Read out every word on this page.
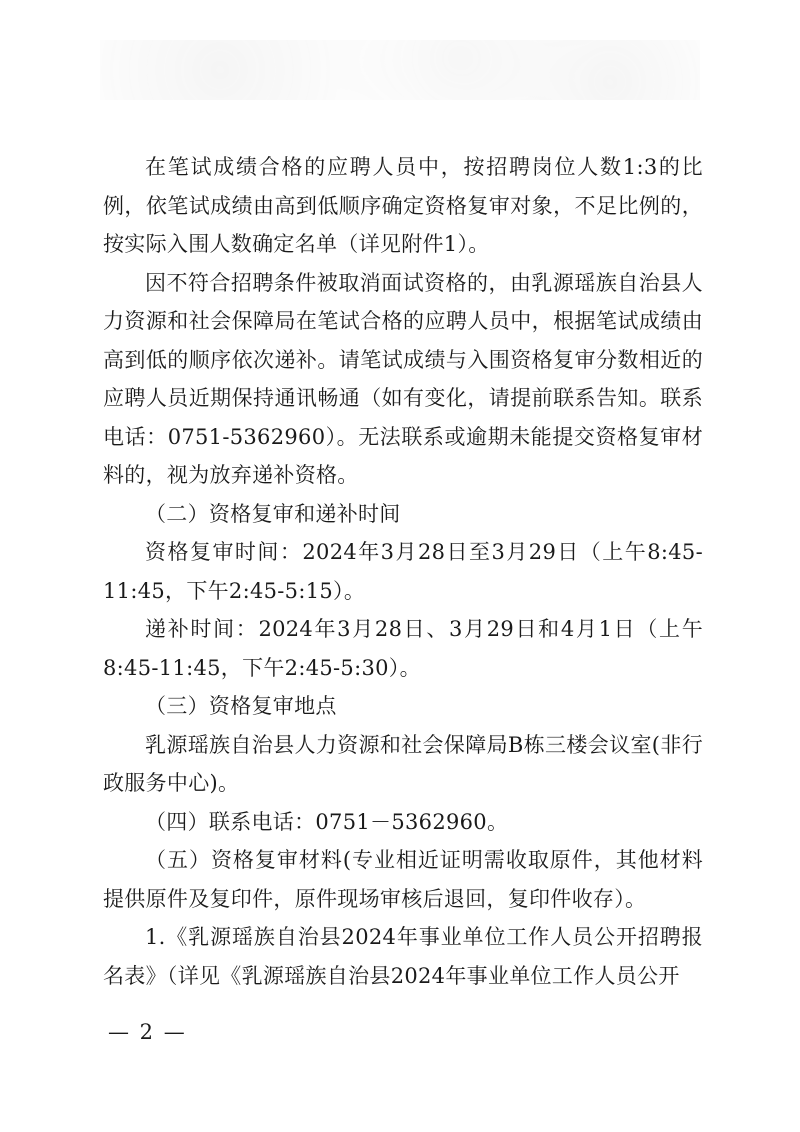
在笔试成绩合格的应聘人员中，按招聘岗位人数1:3的比例，依笔试成绩由高到低顺序确定资格复审对象，不足比例的，按实际入围人数确定名单（详见附件1）。

因不符合招聘条件被取消面试资格的，由乳源瑶族自治县人力资源和社会保障局在笔试合格的应聘人员中，根据笔试成绩由高到低的顺序依次递补。请笔试成绩与入围资格复审分数相近的应聘人员近期保持通讯畅通（如有变化，请提前联系告知。联系电话：0751-5362960）。无法联系或逾期未能提交资格复审材料的，视为放弃递补资格。

（二）资格复审和递补时间

资格复审时间：2024年3月28日至3月29日（上午8:45-11:45，下午2:45-5:15）。

递补时间：2024年3月28日、3月29日和4月1日（上午8:45-11:45，下午2:45-5:30）。

（三）资格复审地点

乳源瑶族自治县人力资源和社会保障局B栋三楼会议室(非行政服务中心)。

（四）联系电话：0751－5362960。

（五）资格复审材料(专业相近证明需收取原件，其他材料提供原件及复印件，原件现场审核后退回，复印件收存）。

1.《乳源瑶族自治县2024年事业单位工作人员公开招聘报名表》（详见《乳源瑶族自治县2024年事业单位工作人员公开

— 2 —
